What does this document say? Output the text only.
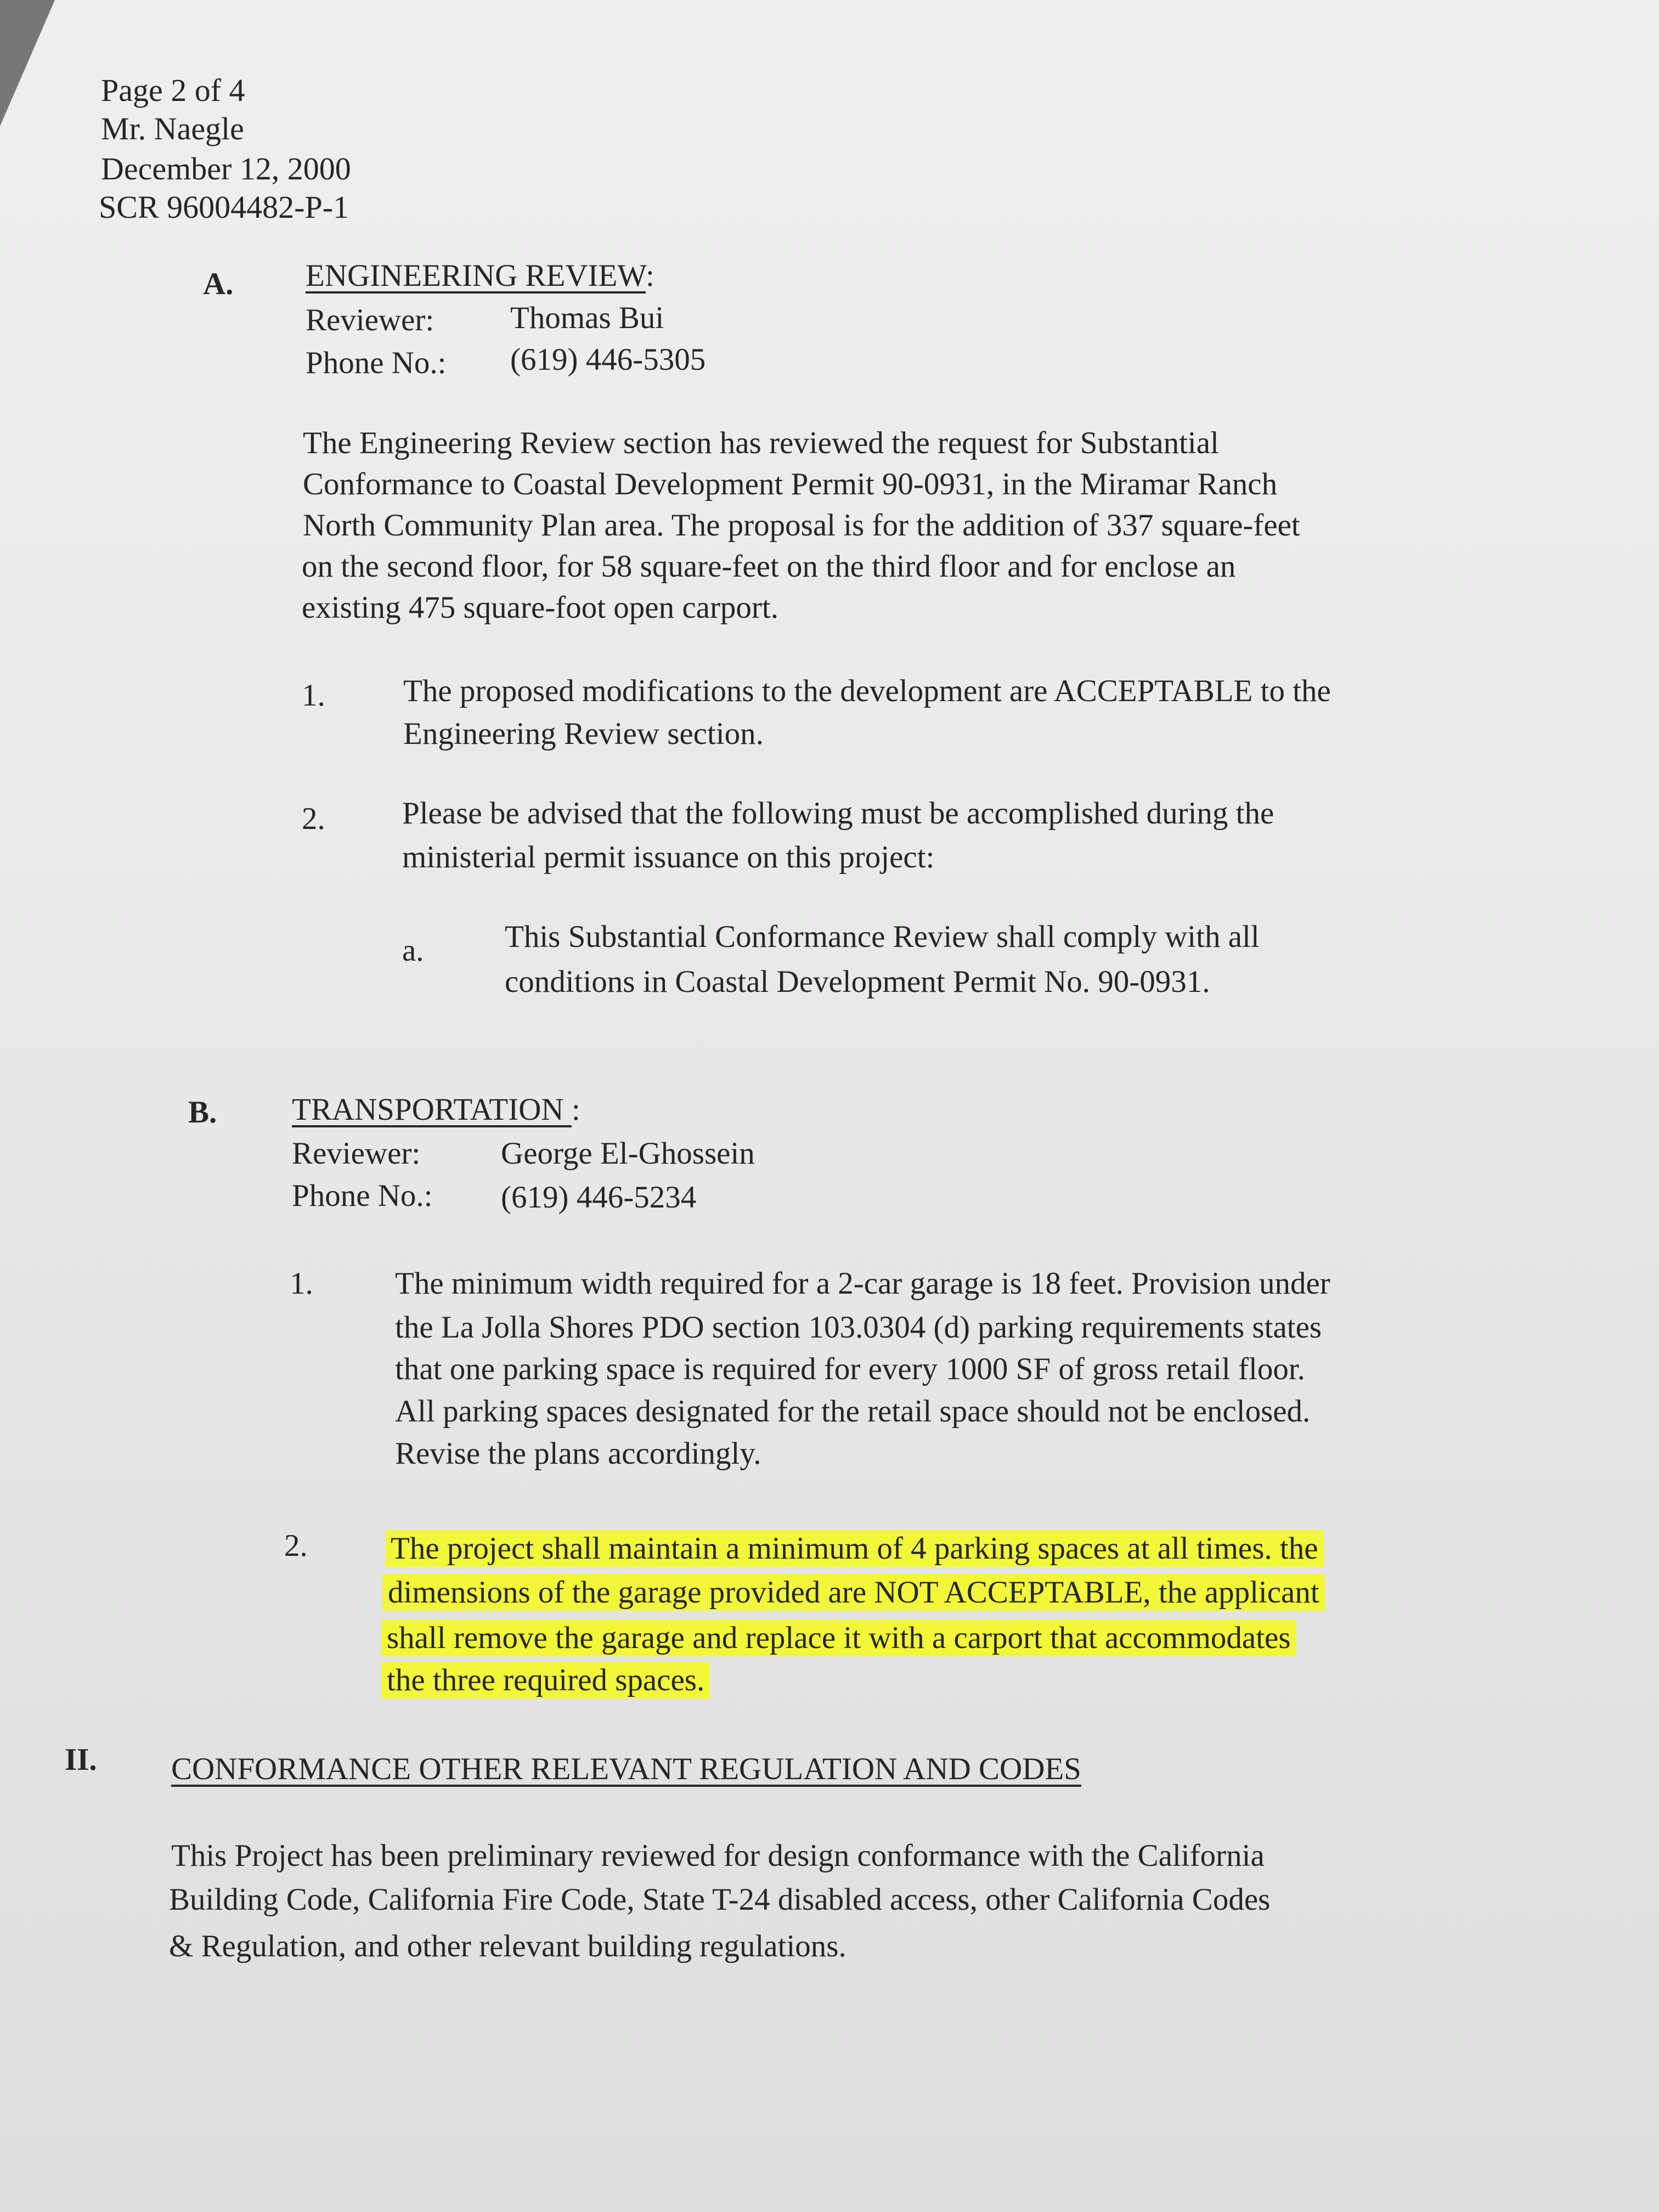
Page 2 of 4
Mr. Naegle
December 12, 2000
SCR 96004482-P-1
A. ENGINEERING REVIEW:
Reviewer: Thomas Bui
Phone No.: (619) 446-5305
The Engineering Review section has reviewed the request for Substantial
Conformance to Coastal Development Permit 90-0931, in the Miramar Ranch
North Community Plan area. The proposal is for the addition of 337 square-feet
on the second floor, for 58 square-feet on the third floor and for enclose an
existing 475 square-foot open carport.
1. The proposed modifications to the development are ACCEPTABLE to the
Engineering Review section.
2. Please be advised that the following must be accomplished during the
ministerial permit issuance on this project:
a.	This Substantial Conformance Review shall comply with all
conditions in Coastal Development Permit No. 90-0931.
B. TRANSPORTATION :
Reviewer:	George El-Ghossein
Phone No.: (619) 446-5234
1.	The minimum width required for a 2-car garage is 18 feet. Provision under
the La Jolla Shores PDO section 103.0304 (d) parking requirements states
that one parking space is required for every 1000 SF of gross retail floor.
All parking spaces designated for the retail space should not be enclosed.
Revise the plans accordingly.
2.	The project shall maintain a minimum of 4 parking spaces at all times. the
dimensions of the garage provided are NOT ACCEPTABLE, the applicant
shall remove the garage and replace it with a carport that accommodates
the three required spaces.
II. CONFORMANCE OTHER RELEVANT REGULATION AND CODES
This Project has been preliminary reviewed for design conformance with the California
Building Code, California Fire Code, State T-24 disabled access, other California Codes
& Regulation, and other relevant building regulations.
